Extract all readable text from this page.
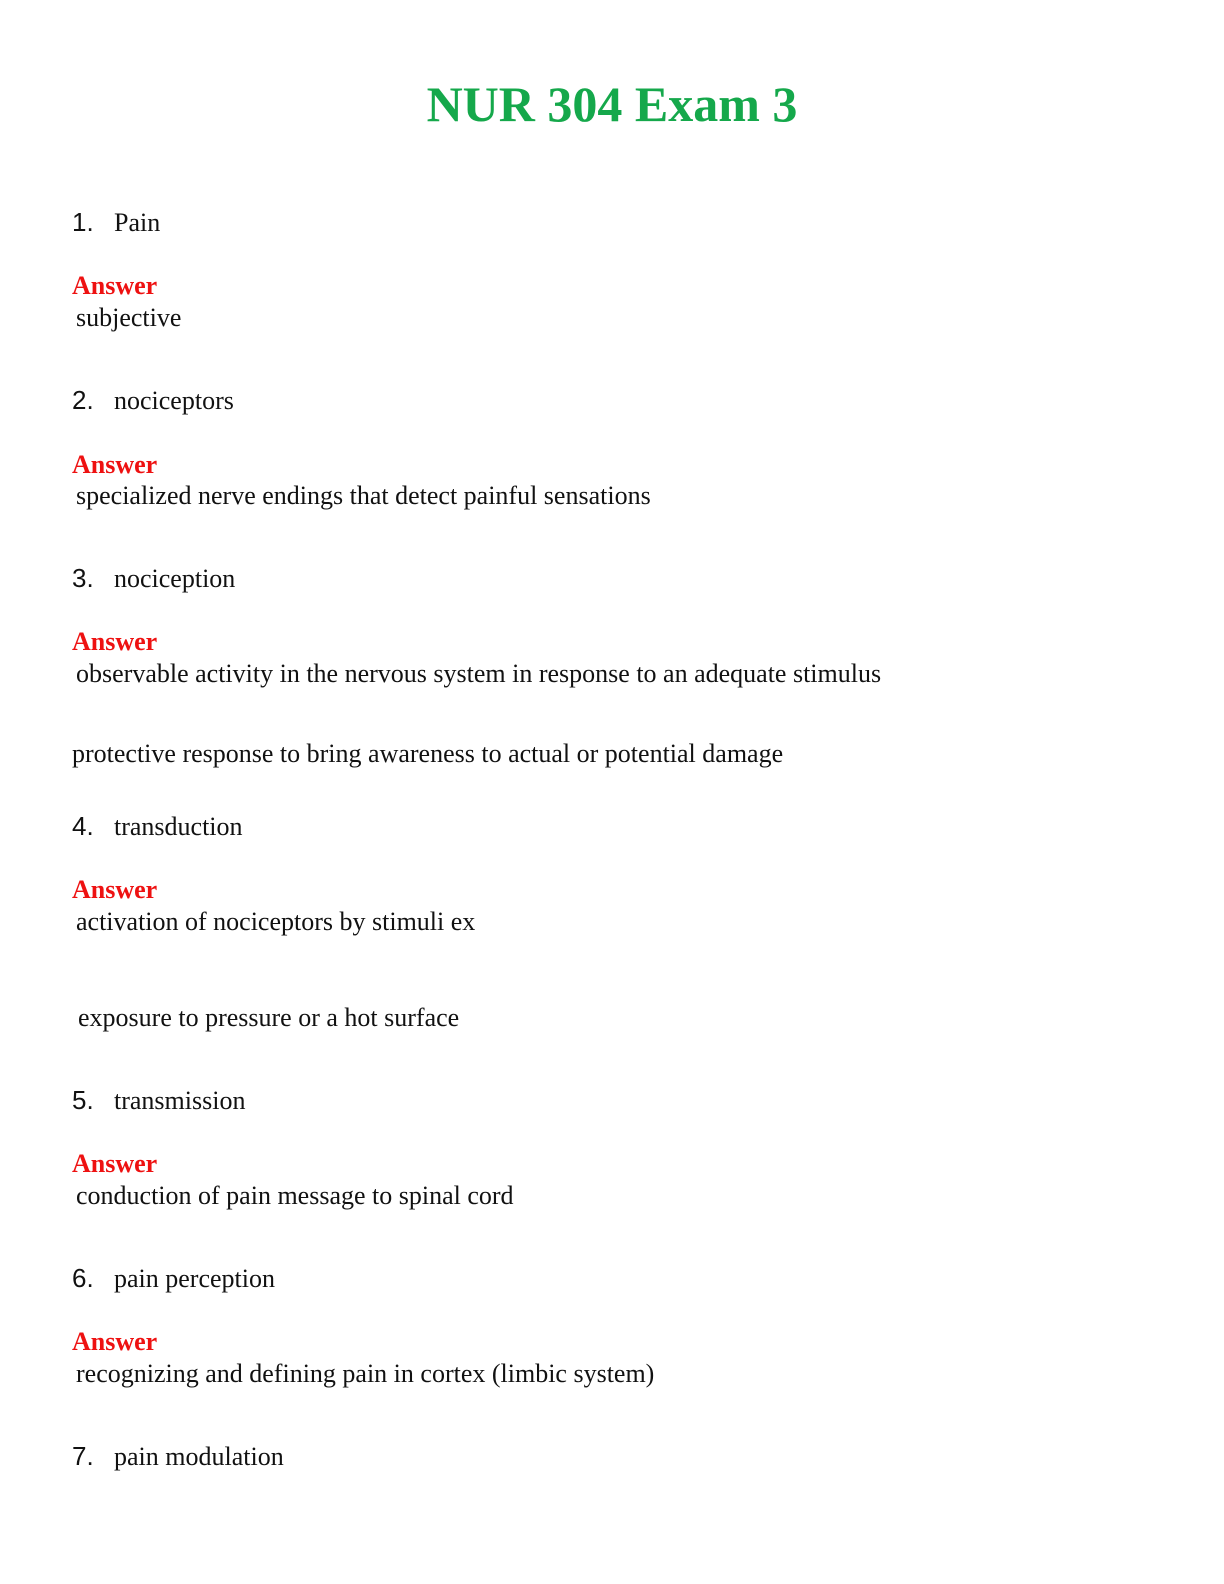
NUR 304 Exam 3
1. Pain
Answer
subjective
2. nociceptors
Answer
specialized nerve endings that detect painful sensations
3. nociception
Answer
observable activity in the nervous system in response to an adequate stimulus
protective response to bring awareness to actual or potential damage
4. transduction
Answer
activation of nociceptors by stimuli ex
exposure to pressure or a hot surface
5. transmission
Answer
conduction of pain message to spinal cord
6. pain perception
Answer
recognizing and defining pain in cortex (limbic system)
7. pain modulation
